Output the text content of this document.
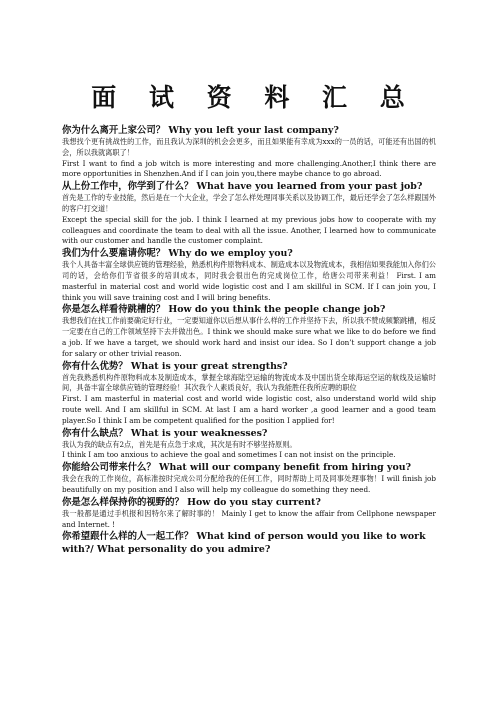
面 试 资 料 汇 总
你为什么离开上家公司？ Why you left your last company?
我想找个更有挑战性的工作，而且我认为深圳的机会会更多，而且如果能有幸成为xxx的一员的话，可能还有出国的机会，所以我就离职了！
First I want to find a job witch is more interesting and more challenging.Another,I think there are more opportunities in Shenzhen.And if I can join you,there maybe chance to go abroad.
从上份工作中，你学到了什么？ What have you learned from your past job?
首先是工作的专业技能，然后是在一个大企业，学会了怎么样处理同事关系以及协调工作，最后还学会了怎么样跟国外的客户打交道！
Except the special skill for the job. I think I learned at my previous jobs how to cooperate with my colleagues and coordinate the team to deal with all the issue. Another, I learned how to communicate with our customer and handle the customer complaint.
我们为什么要雇请你呢？ Why do we employ you?
我个人具备丰富全球供应链的管理经验，熟悉机构件原物料成本、制造成本以及物流成本，我相信如果我能加入你们公司的话，会给你们节省很多的培训成本，同时我会很出色的完成岗位工作，给唐公司带来利益！ First. I am masterful in material cost and world wide logistic cost and I am skillful in SCM. If I can join you, I think you will save training cost and I will bring benefits.
你是怎么样看待跳槽的？ How do you think the people change job?
我想我们在找工作前要确定好行业，一定要知道你以后想从事什么样的工作并坚持下去，所以我不赞成频繁跳槽，相反一定要在自己的工作领域坚持下去并做出色。I think we should make sure what we like to do before we find a job. If we have a target, we should work hard and insist our idea. So I don’t support change a job for salary or other trivial reason.
你有什么优势？ What is your great strengths?
首先我熟悉机构件原物料成本及制造成本，掌握全球海陆空运输的物流成本及中国出货全球海运空运的航线及运输时间，具备丰富全球供应链的管理经验！其次我个人素质良好，我认为我能胜任我所应聘的职位
First. I am masterful in material cost and world wide logistic cost, also understand world wild ship route well. And I am skillful in SCM. At last I am a hard worker ,a good learner and a good team player.So I think I am be competent qualified for the position I applied for!
你有什么缺点？ What is your weaknesses?
我认为我的缺点有2点，首先是有点急于求成，其次是有时不够坚持原则。
I think I am too anxious to achieve the goal and sometimes I can not insist on the principle.
你能给公司带来什么？ What will our company benefit from hiring you?
我会在我的工作岗位，高标准按时完成公司分配给我的任何工作，同时帮助上司及同事处理事物！I will finish job beautifully on my position and I also will help my colleague do something they need.
你是怎么样保持你的视野的？ How do you stay current?
我一般都是通过手机报和因特尔来了解时事的！ Mainly I get to know the affair from Cellphone newspaper and Internet. !
你希望跟什么样的人一起工作？ What kind of person would you like to work with?/ What personality do you admire?
